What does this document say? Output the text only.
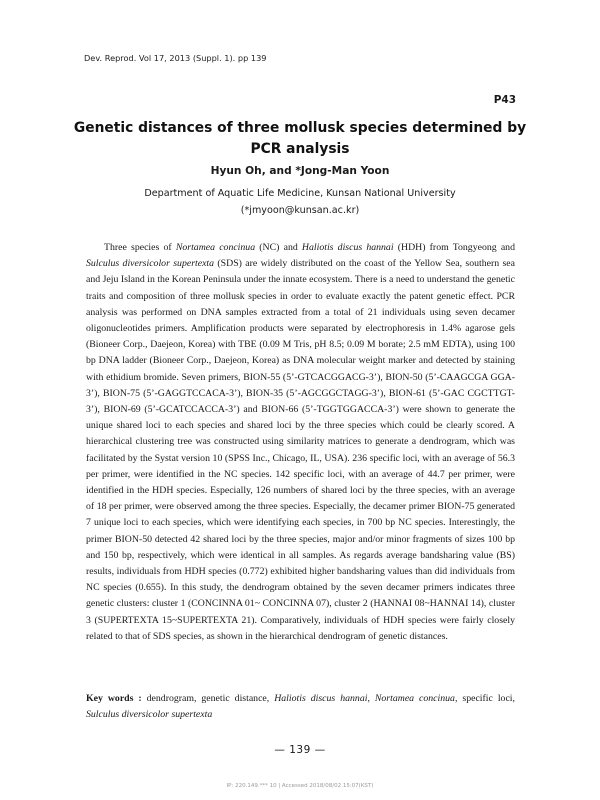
Dev. Reprod. Vol 17, 2013 (Suppl. 1). pp 139
P43
Genetic distances of three mollusk species determined by
PCR analysis
Hyun Oh, and *Jong-Man Yoon
Department of Aquatic Life Medicine, Kunsan National University
(*jmyoon@kunsan.ac.kr)

Three species of Nortamea concinua (NC) and Haliotis discus hannai (HDH) from Tongyeong and Sulculus diversicolor supertexta (SDS) are widely distributed on the coast of the Yellow Sea, southern sea and Jeju Island in the Korean Peninsula under the innate ecosystem. There is a need to understand the genetic traits and composition of three mollusk species in order to evaluate exactly the patent genetic effect. PCR analysis was performed on DNA samples extracted from a total of 21 individuals using seven decamer oligonucleotides primers. Amplification products were separated by electrophoresis in 1.4% agarose gels (Bioneer Corp., Daejeon, Korea) with TBE (0.09 M Tris, pH 8.5; 0.09 M borate; 2.5 mM EDTA), using 100 bp DNA ladder (Bioneer Corp., Daejeon, Korea) as DNA molecular weight marker and detected by staining with ethidium bromide. Seven primers, BION-55 (5’-GTCACGGACG-3’), BION-50 (5’-CAAGCGA GGA-3’), BION-75 (5’-GAGGTCCACA-3’), BION-35 (5’-AGCGGCTAGG-3’), BION-61 (5’-GAC CGCTTGT-3’), BION-69 (5’-GCATCCACCA-3’) and BION-66 (5’-TGGTGGACCA-3’) were shown to generate the unique shared loci to each species and shared loci by the three species which could be clearly scored. A hierarchical clustering tree was constructed using similarity matrices to generate a dendrogram, which was facilitated by the Systat version 10 (SPSS Inc., Chicago, IL, USA). 236 specific loci, with an average of 56.3 per primer, were identified in the NC species. 142 specific loci, with an average of 44.7 per primer, were identified in the HDH species. Especially, 126 numbers of shared loci by the three species, with an average of 18 per primer, were observed among the three species. Especially, the decamer primer BION-75 generated 7 unique loci to each species, which were identifying each species, in 700 bp NC species. Interestingly, the primer BION-50 detected 42 shared loci by the three species, major and/or minor fragments of sizes 100 bp and 150 bp, respectively, which were identical in all samples. As regards average bandsharing value (BS) results, individuals from HDH species (0.772) exhibited higher bandsharing values than did individuals from NC species (0.655). In this study, the dendrogram obtained by the seven decamer primers indicates three genetic clusters: cluster 1 (CONCINNA 01~ CONCINNA 07), cluster 2 (HANNAI 08~HANNAI 14), cluster 3 (SUPERTEXTA 15~SUPERTEXTA 21). Comparatively, individuals of HDH species were fairly closely related to that of SDS species, as shown in the hierarchical dendrogram of genetic distances.

Key words : dendrogram, genetic distance, Haliotis discus hannai, Nortamea concinua, specific loci, Sulculus diversicolor supertexta

— 139 —
IP: 220.149.*** 10 | Accessed 2018/08/02 15:07(KST)
